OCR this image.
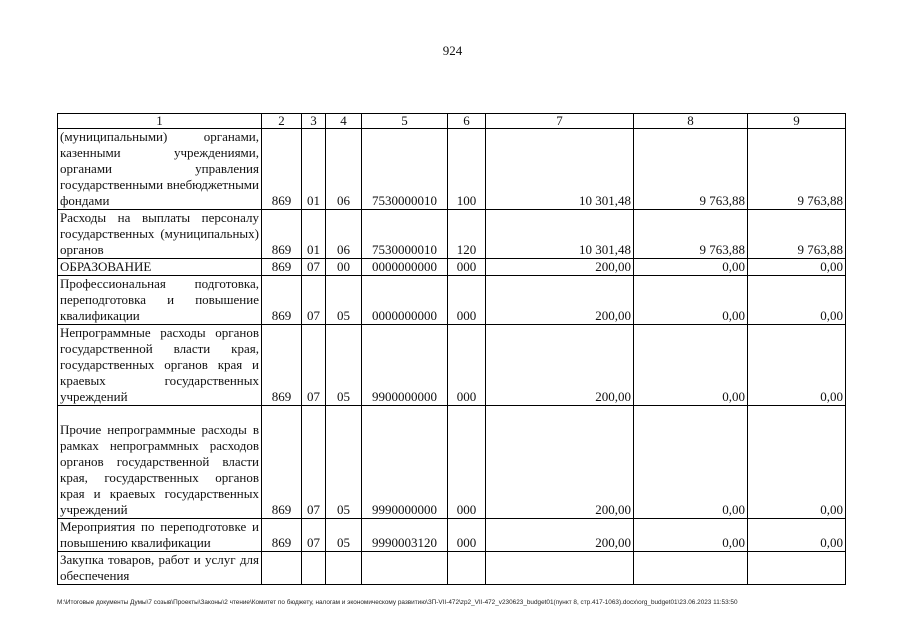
924
1	2	3	4	5	6	7	8	9
(муниципальными) органами, казенными учреждениями, органами управления государственными внебюджетными фондами	869	01	06	7530000010	100	10 301,48	9 763,88	9 763,88
Расходы на выплаты персоналу государственных (муниципальных) органов	869	01	06	7530000010	120	10 301,48	9 763,88	9 763,88
ОБРАЗОВАНИЕ	869	07	00	0000000000	000	200,00	0,00	0,00
Профессиональная подготовка, переподготовка и повышение квалификации	869	07	05	0000000000	000	200,00	0,00	0,00
Непрограммные расходы органов государственной власти края, государственных органов края и краевых государственных учреждений	869	07	05	9900000000	000	200,00	0,00	0,00
Прочие непрограммные расходы в рамках непрограммных расходов органов государственной власти края, государственных органов края и краевых государственных учреждений	869	07	05	9990000000	000	200,00	0,00	0,00
Мероприятия по переподготовке и повышению квалификации	869	07	05	9990003120	000	200,00	0,00	0,00
Закупка товаров, работ и услуг для обеспечения								
M:\Итоговые документы Думы\7 созыв\Проекты\Законы\2 чтение\Комитет по бюджету, налогам и экономическому развитию\ЗП-VII-472\zp2_VII-472_v230623_budget01(пункт 8, стр.417-1063).docx\org_budget01\23.06.2023 11:53:50
